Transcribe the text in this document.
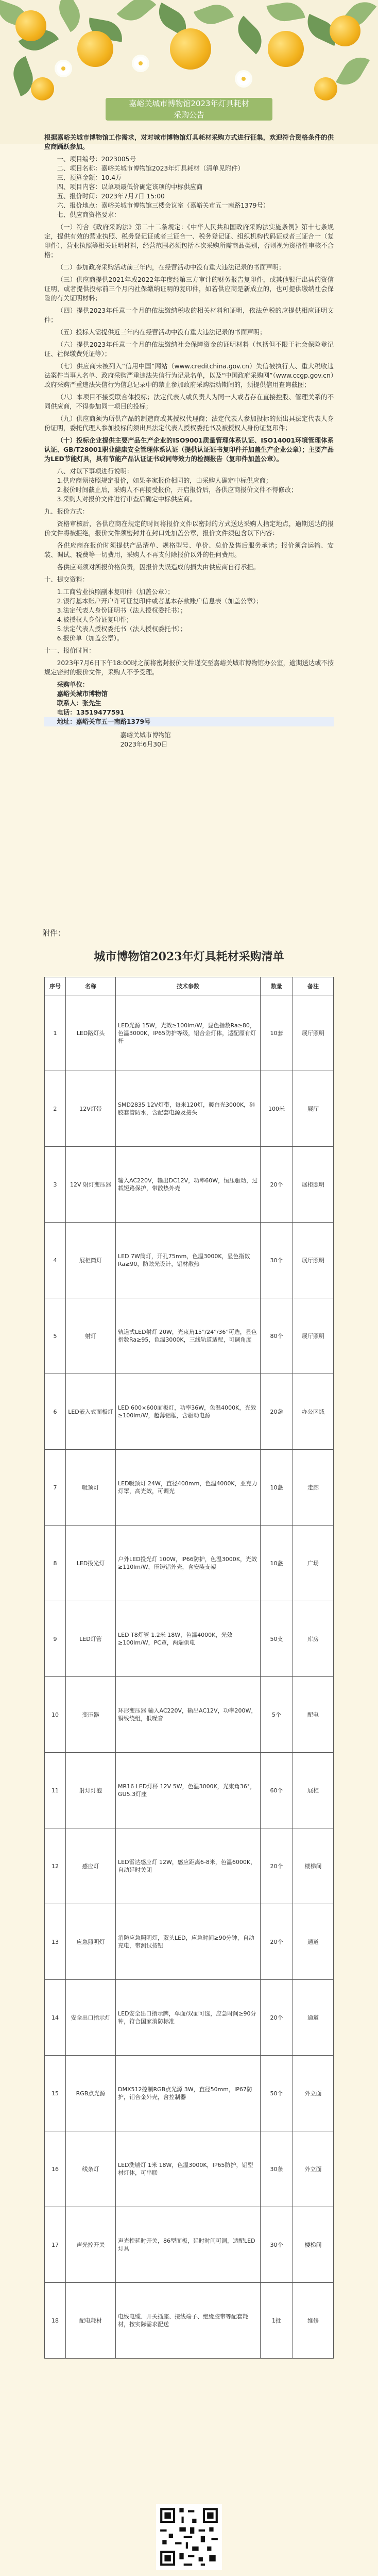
嘉峪关城市博物馆2023年灯具耗材
采购公告

根据嘉峪关城市博物馆工作需求，对对城市博物馆灯具耗材采购方式进行征集，欢迎符合资格条件的供应商踊跃参加。

一、项目编号：20230​05号

二、项目名称：嘉峪关城市博物馆2023年灯具耗材（清单见附件）

三、预算金额：10.4万

四、项目内容：以单项最低价确定该项的中标供应商

五、报价时间：2023年7月7日 15:00

六、报价地点：嘉峪关城市博物馆三楼会议室（嘉峪关市五一南路1379号）

七、供应商资格要求：

（一）符合《政府采购法》第二十二条规定：《中华人民共和国政府采购法实施条例》第十七条规定，提供有效的营业执照、税务登记证或者三证合一、税务登记证、组织机构代码证或者三证合一（复印件），营业执照等相关证明材料，经营范围必须包括本次采购所需商品类别，否则视为资格性审核不合格；

（二）参加政府采购活动前三年内，在经营活动中没有重大违法记录的书面声明；

（三）供应商提供2021年或2022年年度经第三方审计的财务报告复印件，或其他银行出具的资信证明，或者提供投标前三个月内社保缴纳证明的复印件，如若供应商是新成立的，也可提供缴纳社会保险的有关证明材料；

（四）提供2023年任意一个月的依法缴纳税收的相关材料和证明，依法免税的应提供相应证明文件；

（五）投标人需提供近三年内在经营活动中没有重大违法记录的书面声明；

（六）提供2023年任意一个月的依法缴纳社会保障资金的证明材料（包括但不限于社会保险登记证、社保缴费凭证等）；

（七）供应商未被列入“信用中国”网站（www.creditchina.gov.cn）失信被执行人、重大税收违法案件当事人名单、政府采购严重违法失信行为记录名单，以及“中国政府采购网”（www.ccgp.gov.cn）政府采购严重违法失信行为信息记录中的禁止参加政府采购活动期间的，须提供信用查询截图；

（八）本项目不接受联合体投标；法定代表人或负责人为同一人或者存在直接控股、管理关系的不同供应商，不得参加同一项目的投标；

（九）供应商须为所供产品的制造商或其授权代理商；法定代表人参加投标的须出具法定代表人身份证明，委托代理人参加投标的须出具法定代表人授权委托书及被授权人身份证复印件；

（十）投标企业提供主要产品生产企业的ISO9001质量管理体系认证、ISO14001环境管理体系认证、GB/T28001职业健康安全管理体系认证（提供认证证书复印件并加盖生产企业公章）；主要产品为LED节能灯具，具有节能产品认证证书或同等效力的检测报告（复印件加盖公章）。

八、对以下事项进行说明：

1.供应商须按照规定报价，如果多家报价相同的，由采购人确定中标供应商；

2.报价时间截止后，采购人不再接受报价，开启报价后，各供应商报价文件不得修改；

3.采购人对报价文件进行审查后确定中标供应商。

九、报价方式：

资格审核后，各供应商在规定的时间将报价文件以密封的方式送达采购人指定地点，逾期送达的报价文件将被拒绝，报价文件须密封并在封口处加盖公章，报价文件须包含以下内容：

各供应商在报价时须提供产品清单、规格型号、单价、总价及售后服务承诺；报价须含运输、安装、调试、税费等一切费用，采购人不再支付除报价以外的任何费用。

各供应商须对所报价格负责，因报价失误造成的损失由供应商自行承担。

十、提交资料：

1.工商营业执照副本复印件（加盖公章）；

2.银行基本账户开户许可证复印件或者基本存款账户信息表（加盖公章）；

3.法定代表人身份证明书（法人授权委托书）；

4.被授权人身份证复印件；

5.法定代表人授权委托书（法人授权委托书）；

6.报价单（加盖公章）。

十一、报价时间：

2023年7月6日下午18:00时之前将密封报价文件递交至嘉峪关城市博物馆办公室，逾期送达或不按规定密封的报价文件，采购人不予受理。

采购单位：

嘉峪关城市博物馆

联系人：张先生

电话：13519477591

地址：嘉峪关市五一南路1379号

嘉峪关城市博物馆
2023年6月30日
附件：
城市博物馆2023年灯具耗材采购清单
序号	名称	技术参数	数量	备注
1	LED路灯头	LED光源 15W，光效≥100lm/W，显色指数Ra≥80，色温3000K，IP65防护等级，铝合金灯体，适配原有灯杆	10套	展厅照明
2	12V灯带	SMD2835 12V灯带，每米120灯，暖白光3000K，硅胶套管防水，含配套电源及接头	100米	展厅
3	12V 射灯变压器	输入AC220V，输出DC12V，功率60W，恒压驱动，过载短路保护，带散热外壳	20个	展柜照明
4	展柜筒灯	LED 7W筒灯，开孔75mm，色温3000K，显色指数Ra≥90，防眩光设计，铝材散热	30个	展厅照明
5	射灯	轨道式LED射灯 20W，光束角15°/24°/36°可选，显色指数Ra≥95，色温3000K，三线轨道适配，可调角度	80个	展厅照明
6	LED嵌入式面板灯	LED 600×600面板灯，功率36W，色温4000K，光效≥100lm/W，超薄铝框，含驱动电源	20盏	办公区域
7	吸顶灯	LED吸顶灯 24W，直径400mm，色温4000K，亚克力灯罩，高光效，可调光	10盏	走廊
8	LED投光灯	户外LED投光灯 100W，IP66防护，色温3000K，光效≥110lm/W，压铸铝外壳，含安装支架	10盏	广场
9	LED灯管	LED T8灯管 1.2米 18W，色温4000K，光效≥100lm/W，PC罩，两端供电	50支	库房
10	变压器	环形变压器 输入AC220V，输出AC12V，功率200W，铜线绕组，低噪音	5个	配电
11	射灯灯泡	MR16 LED灯杯 12V 5W，色温3000K，光束角36°，GU5.3灯座	60个	展柜
12	感应灯	LED雷达感应灯 12W，感应距离6-8米，色温6000K，自动延时关闭	20个	楼梯间
13	应急照明灯	消防应急照明灯，双头LED，应急时间≥90分钟，自动充电，带测试按钮	20个	通道
14	安全出口指示灯	LED安全出口指示牌，单面/双面可选，应急时间≥90分钟，符合国家消防标准	20个	通道
15	RGB点光源	DMX512控制RGB点光源 3W，直径50mm，IP67防护，铝合金外壳，含控制器	50个	外立面
16	线条灯	LED洗墙灯 1米 18W，色温3000K，IP65防护，铝型材灯体，可串联	30条	外立面
17	声光控开关	声光控延时开关，86型面板，延时时间可调，适配LED灯具	30个	楼梯间
18	配电耗材	电线电缆、开关插座、接线端子、绝缘胶带等配套耗材，按实际需求配送	1批	维修
